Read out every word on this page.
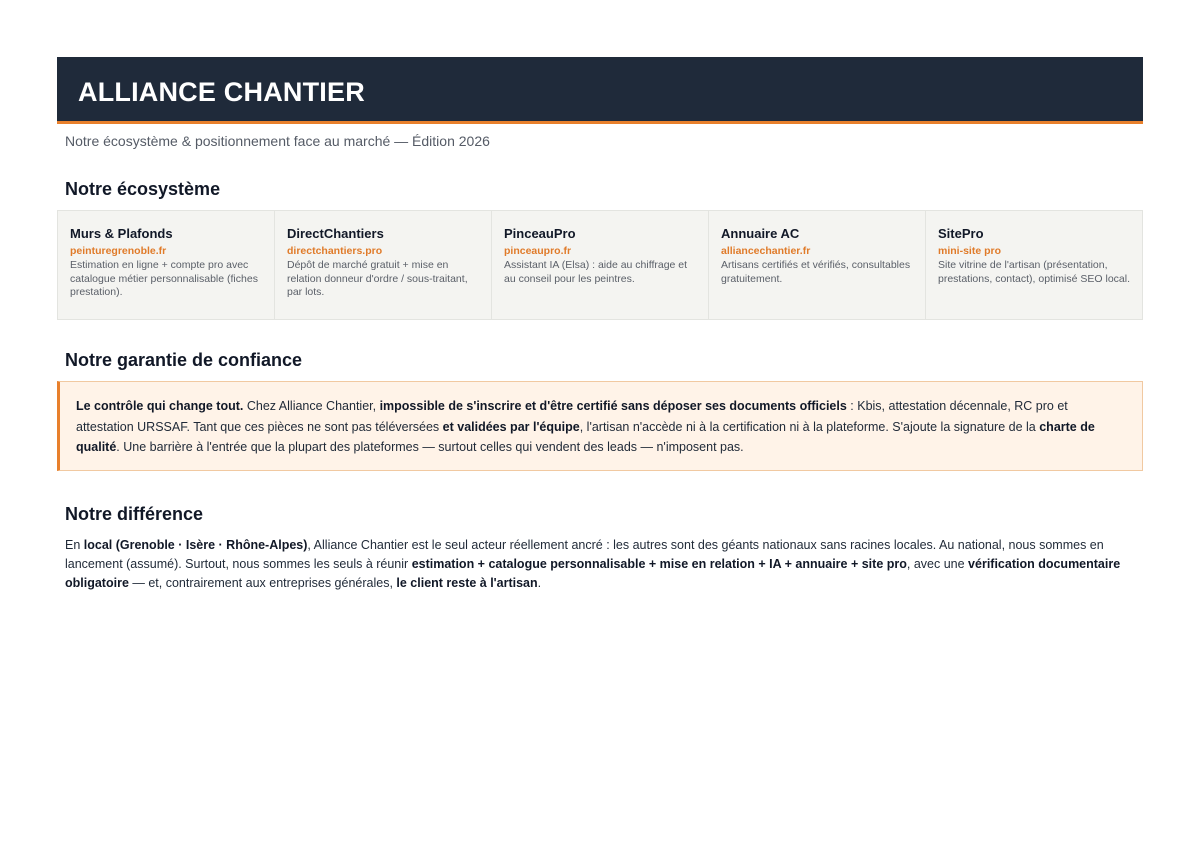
ALLIANCE CHANTIER
Notre écosystème & positionnement face au marché — Édition 2026
Notre écosystème
Murs & Plafonds
peinturegrenoble.fr
Estimation en ligne + compte pro avec catalogue métier personnalisable (fiches prestation).
DirectChantiers
directchantiers.pro
Dépôt de marché gratuit + mise en relation donneur d'ordre / sous-traitant, par lots.
PinceauPro
pinceaupro.fr
Assistant IA (Elsa) : aide au chiffrage et au conseil pour les peintres.
Annuaire AC
alliancechantier.fr
Artisans certifiés et vérifiés, consultables gratuitement.
SitePro
mini-site pro
Site vitrine de l'artisan (présentation, prestations, contact), optimisé SEO local.
Notre garantie de confiance
Le contrôle qui change tout. Chez Alliance Chantier, impossible de s'inscrire et d'être certifié sans déposer ses documents officiels : Kbis, attestation décennale, RC pro et attestation URSSAF. Tant que ces pièces ne sont pas téléversées et validées par l'équipe, l'artisan n'accède ni à la certification ni à la plateforme. S'ajoute la signature de la charte de qualité. Une barrière à l'entrée que la plupart des plateformes — surtout celles qui vendent des leads — n'imposent pas.
Notre différence
En local (Grenoble · Isère · Rhône-Alpes), Alliance Chantier est le seul acteur réellement ancré : les autres sont des géants nationaux sans racines locales. Au national, nous sommes en lancement (assumé). Surtout, nous sommes les seuls à réunir estimation + catalogue personnalisable + mise en relation + IA + annuaire + site pro, avec une vérification documentaire obligatoire — et, contrairement aux entreprises générales, le client reste à l'artisan.
